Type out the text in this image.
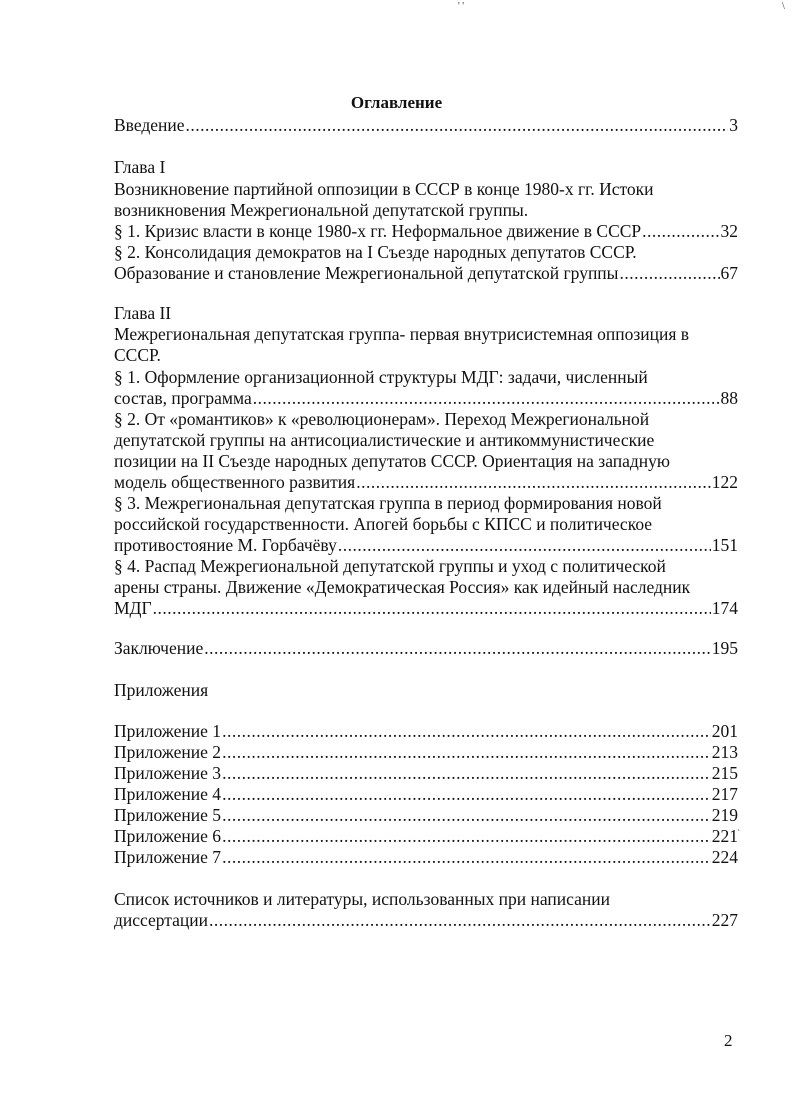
Оглавление
Введение .....	3
Глава I
Возникновение партийной оппозиции в СССР в конце 1980-х гг. Истоки
возникновения Межрегиональной депутатской группы.
§ 1. Кризис власти в конце 1980-х гг. Неформальное движение в СССР .....	32
§ 2. Консолидация демократов на I Съезде народных депутатов СССР.
Образование и становление Межрегиональной депутатской группы .....	67
Глава II
Межрегиональная депутатская группа- первая внутрисистемная оппозиция в
СССР.
§ 1. Оформление организационной структуры МДГ: задачи, численный
состав, программа .....	88
§ 2. От «романтиков» к «революционерам». Переход Межрегиональной
депутатской группы на антисоциалистические и антикоммунистические
позиции на II Съезде народных депутатов СССР. Ориентация на западную
модель общественного развития .....	122
§ 3. Межрегиональная депутатская группа в период формирования новой
российской государственности. Апогей борьбы с КПСС и политическое
противостояние М. Горбачёву .....	151
§ 4. Распад Межрегиональной депутатской группы и уход с политической
арены страны. Движение «Демократическая Россия» как идейный наследник
МДГ .....	174
Заключение .....	195
Приложения
Приложение 1 .....	201
Приложение 2 .....	213
Приложение 3 .....	215
Приложение 4 .....	217
Приложение 5 .....	219
Приложение 6 .....	221
Приложение 7 .....	224
Список источников и литературы, использованных при написании
диссертации .....	227
2
' '	\
`
